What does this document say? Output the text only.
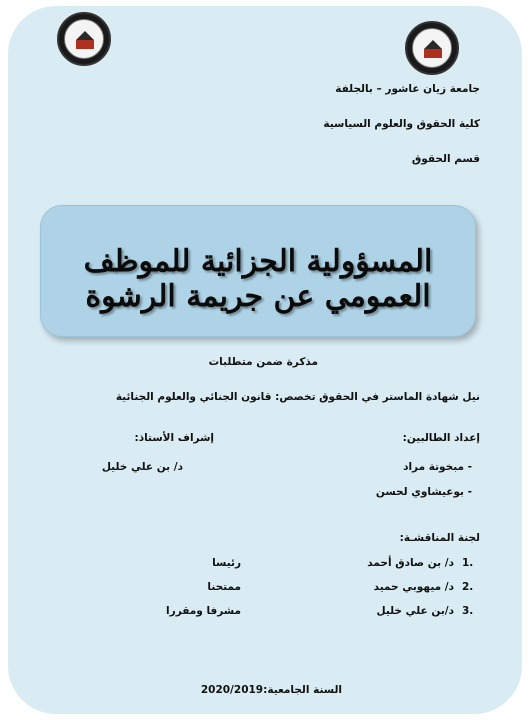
جامعة زيان عاشور – بالجلفة
كلية الحقوق والعلوم السياسية
قسم الحقوق
المسؤولية الجزائية للموظف العمومي عن جريمة الرشوة
مذكرة ضمن متطلبات
نيل شهادة الماستر في الحقوق تخصص: قانون الجنائي والعلوم الجنائية
إعداد الطالبين:
إشراف الأستاذ:
- مبخوتة مراد
د/ بن علي خليل
- بوعيشاوي لحسن
لجنة المناقشـة:
1.
د/ بن صادق أحمد
رئيسا
2.
د/ ميهوبي حميد
ممتحنا
3.
د/بن علي خليل
مشرفا ومقررا
السنة الجامعية:2020/2019
